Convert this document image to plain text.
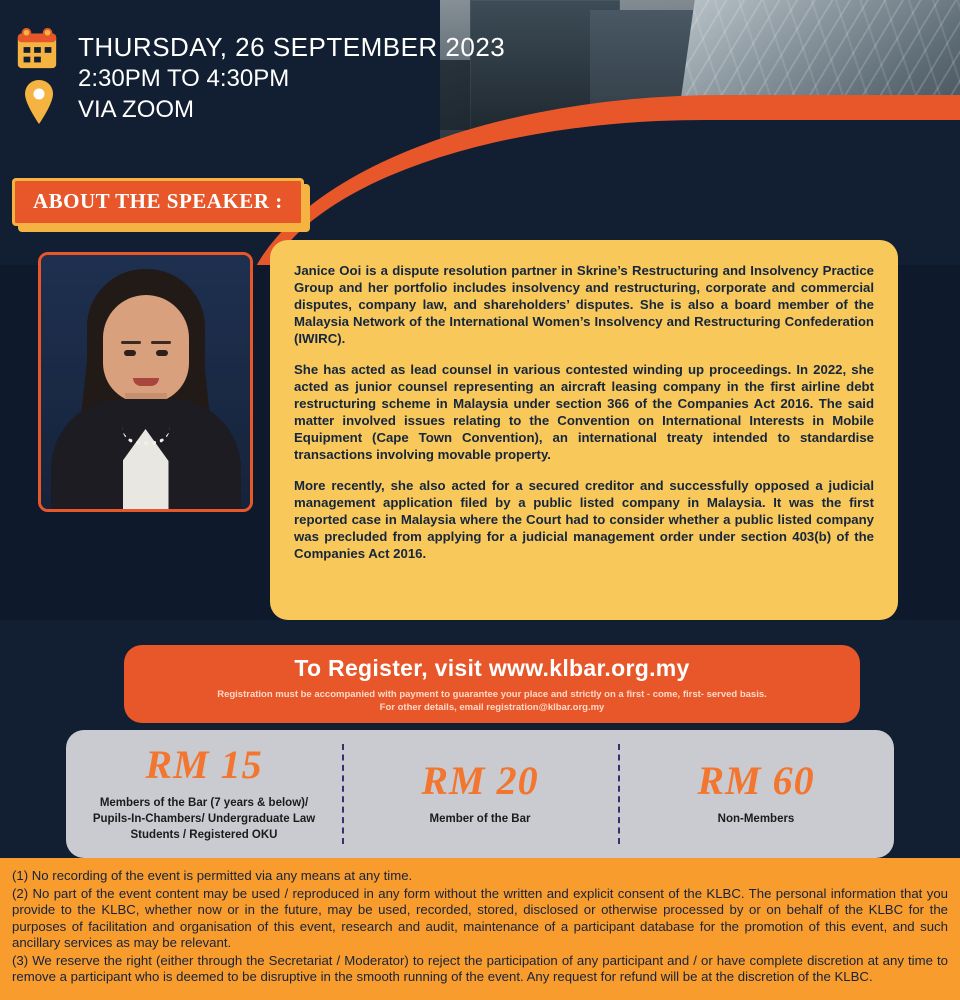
THURSDAY, 26 SEPTEMBER 2023
2:30PM TO 4:30PM
VIA ZOOM
ABOUT THE SPEAKER :

Janice Ooi is a dispute resolution partner in Skrine’s Restructuring and Insolvency Practice Group and her portfolio includes insolvency and restructuring, corporate and commercial disputes, company law, and shareholders’ disputes. She is also a board member of the Malaysia Network of the International Women’s Insolvency and Restructuring Confederation (IWIRC).

She has acted as lead counsel in various contested winding up proceedings. In 2022, she acted as junior counsel representing an aircraft leasing company in the first airline debt restructuring scheme in Malaysia under section 366 of the Companies Act 2016. The said matter involved issues relating to the Convention on International Interests in Mobile Equipment (Cape Town Convention), an international treaty intended to standardise transactions involving movable property.

More recently, she also acted for a secured creditor and successfully opposed a judicial management application filed by a public listed company in Malaysia. It was the first reported case in Malaysia where the Court had to consider whether a public listed company was precluded from applying for a judicial management order under section 403(b) of the Companies Act 2016.

To Register, visit www.klbar.org.my
Registration must be accompanied with payment to guarantee your place and strictly on a first - come, first- served basis.
For other details, email registration@klbar.org.my
RM 15
Members of the Bar (7 years & below)/ Pupils-In-Chambers/ Undergraduate Law Students / Registered OKU
RM 20
Member of the Bar
RM 60
Non-Members

(1) No recording of the event is permitted via any means at any time.

(2) No part of the event content may be used / reproduced in any form without the written and explicit consent of the KLBC. The personal information that you provide to the KLBC, whether now or in the future, may be used, recorded, stored, disclosed or otherwise processed by or on behalf of the KLBC for the purposes of facilitation and organisation of this event, research and audit, maintenance of a participant database for the promotion of this event, and such ancillary services as may be relevant.

(3) We reserve the right (either through the Secretariat / Moderator) to reject the participation of any participant and / or have complete discretion at any time to remove a participant who is deemed to be disruptive in the smooth running of the event. Any request for refund will be at the discretion of the KLBC.
